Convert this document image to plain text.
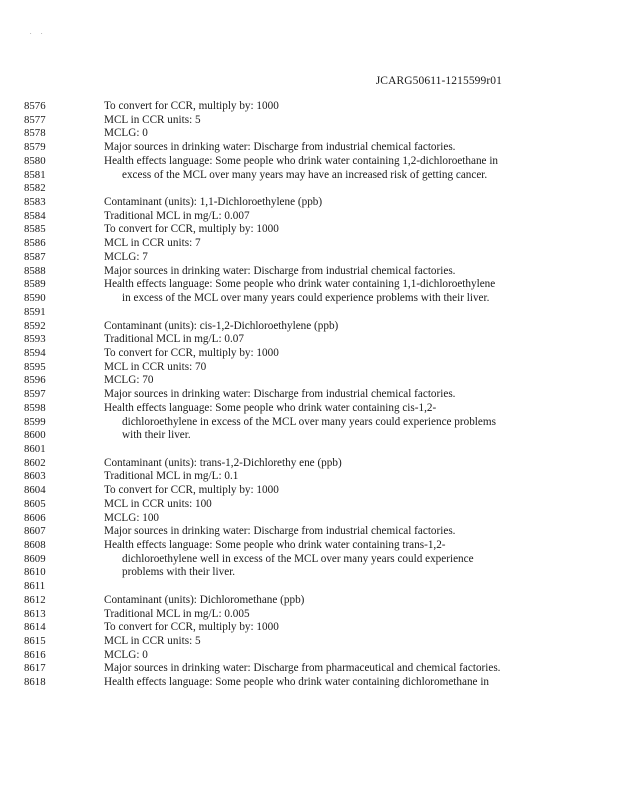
. .
JCARG50611-1215599r01
8576	To convert for CCR, multiply by: 1000
8577	MCL in CCR units: 5
8578	MCLG: 0
8579	Major sources in drinking water: Discharge from industrial chemical factories.
8580	Health effects language: Some people who drink water containing 1,2-dichloroethane in
8581	excess of the MCL over many years may have an increased risk of getting cancer.
8582
8583	Contaminant (units): 1,1-Dichloroethylene (ppb)
8584	Traditional MCL in mg/L: 0.007
8585	To convert for CCR, multiply by: 1000
8586	MCL in CCR units: 7
8587	MCLG: 7
8588	Major sources in drinking water: Discharge from industrial chemical factories.
8589	Health effects language: Some people who drink water containing 1,1-dichloroethylene
8590	in excess of the MCL over many years could experience problems with their liver.
8591
8592	Contaminant (units): cis-1,2-Dichloroethylene (ppb)
8593	Traditional MCL in mg/L: 0.07
8594	To convert for CCR, multiply by: 1000
8595	MCL in CCR units: 70
8596	MCLG: 70
8597	Major sources in drinking water: Discharge from industrial chemical factories.
8598	Health effects language: Some people who drink water containing cis-1,2-
8599	dichloroethylene in excess of the MCL over many years could experience problems
8600	with their liver.
8601
8602	Contaminant (units): trans-1,2-Dichlorethy ene (ppb)
8603	Traditional MCL in mg/L: 0.1
8604	To convert for CCR, multiply by: 1000
8605	MCL in CCR units: 100
8606	MCLG: 100
8607	Major sources in drinking water: Discharge from industrial chemical factories.
8608	Health effects language: Some people who drink water containing trans-1,2-
8609	dichloroethylene well in excess of the MCL over many years could experience
8610	problems with their liver.
8611
8612	Contaminant (units): Dichloromethane (ppb)
8613	Traditional MCL in mg/L: 0.005
8614	To convert for CCR, multiply by: 1000
8615	MCL in CCR units: 5
8616	MCLG: 0
8617	Major sources in drinking water: Discharge from pharmaceutical and chemical factories.
8618	Health effects language: Some people who drink water containing dichloromethane in
